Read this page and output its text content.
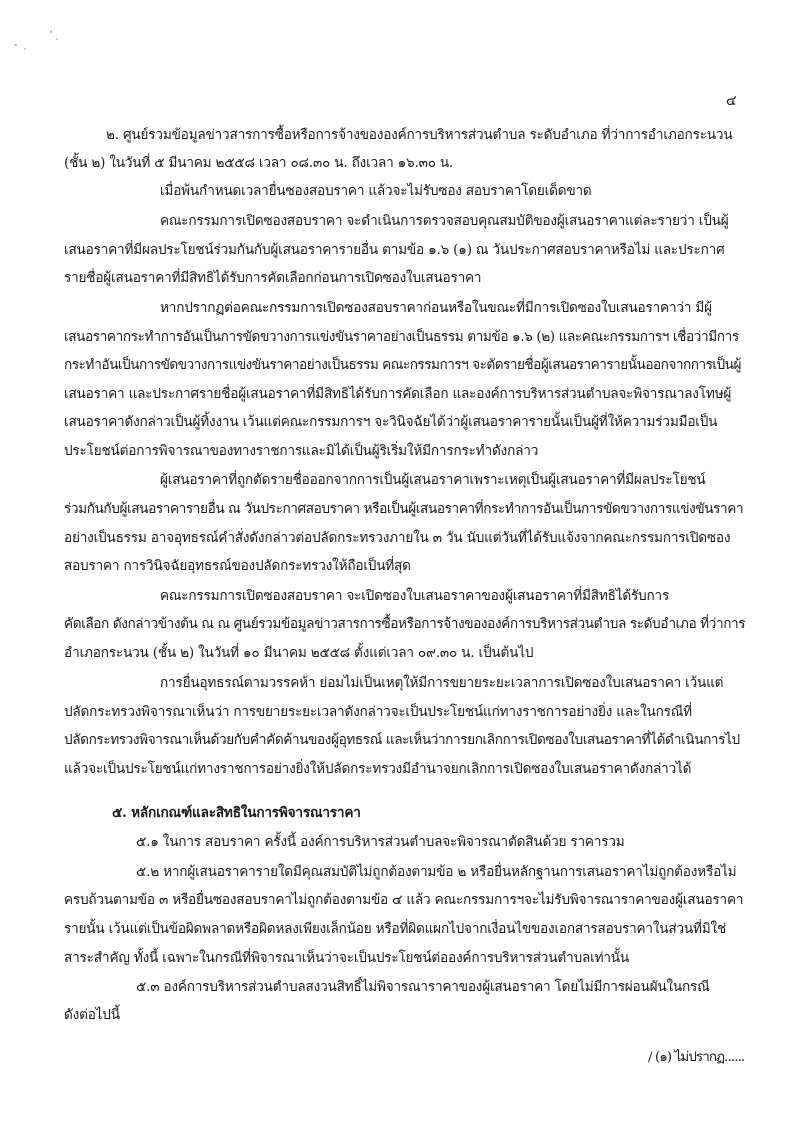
๔
๒. ศูนย์รวมข้อมูลข่าวสารการซื้อหรือการจ้างขององค์การบริหารส่วนตำบล ระดับอำเภอ ที่ว่าการอำเภอกระนวน
(ชั้น ๒) ในวันที่ ๕ มีนาคม ๒๕๕๘ เวลา ๐๘.๓๐ น. ถึงเวลา ๑๖.๓๐ น.
เมื่อพ้นกำหนดเวลายื่นซองสอบราคา แล้วจะไม่รับซอง สอบราคาโดยเด็ดขาด
คณะกรรมการเปิดซองสอบราคา จะดำเนินการตรวจสอบคุณสมบัติของผู้เสนอราคาแต่ละรายว่า เป็นผู้
เสนอราคาที่มีผลประโยชน์ร่วมกันกับผู้เสนอราคารายอื่น ตามข้อ ๑.๖ (๑) ณ วันประกาศสอบราคาหรือไม่ และประกาศ
รายชื่อผู้เสนอราคาที่มีสิทธิได้รับการคัดเลือกก่อนการเปิดซองใบเสนอราคา
หากปรากฏต่อคณะกรรมการเปิดซองสอบราคาก่อนหรือในขณะที่มีการเปิดซองใบเสนอราคาว่า มีผู้
เสนอราคากระทำการอันเป็นการขัดขวางการแข่งขันราคาอย่างเป็นธรรม ตามข้อ ๑.๖ (๒) และคณะกรรมการฯ เชื่อว่ามีการ
กระทำอันเป็นการขัดขวางการแข่งขันราคาอย่างเป็นธรรม คณะกรรมการฯ จะตัดรายชื่อผู้เสนอราคารายนั้นออกจากการเป็นผู้
เสนอราคา และประกาศรายชื่อผู้เสนอราคาที่มีสิทธิได้รับการคัดเลือก และองค์การบริหารส่วนตำบลจะพิจารณาลงโทษผู้
เสนอราคาดังกล่าวเป็นผู้ทิ้งงาน เว้นแต่คณะกรรมการฯ จะวินิจฉัยได้ว่าผู้เสนอราคารายนั้นเป็นผู้ที่ให้ความร่วมมือเป็น
ประโยชน์ต่อการพิจารณาของทางราชการและมิได้เป็นผู้ริเริ่มให้มีการกระทำดังกล่าว
ผู้เสนอราคาที่ถูกตัดรายชื่อออกจากการเป็นผู้เสนอราคาเพราะเหตุเป็นผู้เสนอราคาที่มีผลประโยชน์
ร่วมกันกับผู้เสนอราคารายอื่น ณ วันประกาศสอบราคา หรือเป็นผู้เสนอราคาที่กระทำการอันเป็นการขัดขวางการแข่งขันราคา
อย่างเป็นธรรม อาจอุทธรณ์คำสั่งดังกล่าวต่อปลัดกระทรวงภายใน ๓ วัน นับแต่วันที่ได้รับแจ้งจากคณะกรรมการเปิดซอง
สอบราคา การวินิจฉัยอุทธรณ์ของปลัดกระทรวงให้ถือเป็นที่สุด
คณะกรรมการเปิดซองสอบราคา จะเปิดซองใบเสนอราคาของผู้เสนอราคาที่มีสิทธิได้รับการ
คัดเลือก ดังกล่าวข้างต้น ณ ณ ศูนย์รวมข้อมูลข่าวสารการซื้อหรือการจ้างขององค์การบริหารส่วนตำบล ระดับอำเภอ ที่ว่าการ
อำเภอกระนวน (ชั้น ๒) ในวันที่ ๑๐ มีนาคม ๒๕๕๘ ตั้งแต่เวลา ๐๙.๓๐ น. เป็นต้นไป
การยื่นอุทธรณ์ตามวรรคห้า ย่อมไม่เป็นเหตุให้มีการขยายระยะเวลาการเปิดซองใบเสนอราคา เว้นแต่
ปลัดกระทรวงพิจารณาเห็นว่า การขยายระยะเวลาดังกล่าวจะเป็นประโยชน์แก่ทางราชการอย่างยิ่ง และในกรณีที่
ปลัดกระทรวงพิจารณาเห็นด้วยกับคำคัดค้านของผู้อุทธรณ์ และเห็นว่าการยกเลิกการเปิดซองใบเสนอราคาที่ได้ดำเนินการไป
แล้วจะเป็นประโยชน์แก่ทางราชการอย่างยิ่งให้ปลัดกระทรวงมีอำนาจยกเลิกการเปิดซองใบเสนอราคาดังกล่าวได้
๕. หลักเกณฑ์และสิทธิในการพิจารณาราคา
๕.๑ ในการ สอบราคา ครั้งนี้ องค์การบริหารส่วนตำบลจะพิจารณาตัดสินด้วย ราคารวม
๕.๒ หากผู้เสนอราคารายใดมีคุณสมบัติไม่ถูกต้องตามข้อ ๒ หรือยื่นหลักฐานการเสนอราคาไม่ถูกต้องหรือไม่
ครบถ้วนตามข้อ ๓ หรือยื่นซองสอบราคาไม่ถูกต้องตามข้อ ๔ แล้ว คณะกรรมการฯจะไม่รับพิจารณาราคาของผู้เสนอราคา
รายนั้น เว้นแต่เป็นข้อผิดพลาดหรือผิดหลงเพียงเล็กน้อย หรือที่ผิดแผกไปจากเงื่อนไขของเอกสารสอบราคาในส่วนที่มิใช่
สาระสำคัญ ทั้งนี้ เฉพาะในกรณีที่พิจารณาเห็นว่าจะเป็นประโยชน์ต่อองค์การบริหารส่วนตำบลเท่านั้น
๕.๓ องค์การบริหารส่วนตำบลสงวนสิทธิ์ไม่พิจารณาราคาของผู้เสนอราคา โดยไม่มีการผ่อนผันในกรณี
ดังต่อไปนี้
/ (๑) ไม่ปรากฏ......
